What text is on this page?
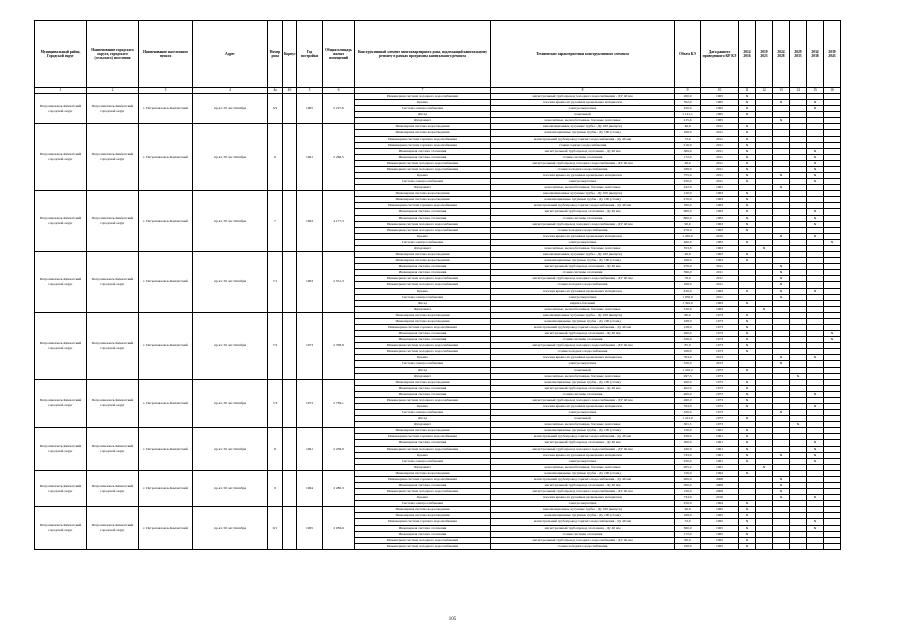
Муниципальный район, Городской округ	Наименование городского округа, городского (сельского) поселения	Наименование населенного пункта	Адрес	Номер дома	Корпус	Год постройки	Общая площадь жилых помещений	Конструктивный элемент многоквартирного дома, подлежащий капитальному ремонту в рамках программы капитального ремонта	Технические характеристики конструктивного элемента	Объем КЭ	Дата раннего проведенного КР КЭ	2014 2016	2019 2023	2024 2028	2029 2033	2034 2038	2039 2043
1	2	3	4	4а	4б	5	6	7	8	9	10	11	12	13	14	15	16
Петропавловск-Камчатский городской округ	Петропавловск-Камчатский городской округ	г. Петропавловск-Камчатский	пр-кт. 50 лет Октября	3/2		1965	2 197,6	Инженерная система холодного водоснабжения	магистральный трубопровод холодного водоснабжения - ДУ 40 мм	200,0	1965	X					
								Крыша	плоская крыша из рулонных кровельных материалов	762,0	1965	X		X		X	
								Система электроснабжения	электроэнергетика	250,0	1965	X				X	
								Фасад	панельный	1 121,1	1965	X					
								Фундамент	монолитные, железобетонные, блочные ленточные	215,6	1965			X			
Петропавловск-Камчатский городской округ	Петропавловск-Камчатский городской округ	г. Петропавловск-Камчатский	пр-кт. 50 лет Октября	6		1961	2 268,5	Инженерная система водоотведения	канализационные чугунные трубы - Ду 100 (выпуск)	46,8	2011	X					
								Инженерная система водоотведения	канализационные чугунные трубы - Ду 100 (стояк)	168,0	2011	X					
								Инженерная система горячего водоснабжения	магистральный трубопровод горячего водоснабжения - Ду 40 мм	72,0	2011	X					
								Инженерная система горячего водоснабжения	стояки горячего водоснабжения	216,0	2011	X					
								Инженерная система отопления	магистральный трубопровод отопления - Ду 40 мм	369,0	2011	X				X	
								Инженерная система отопления	стояки системы отопления	172,0	2011	X				X	
								Инженерная система холодного водоснабжения	магистральный трубопровод холодного водоснабжения - ДУ 40 мм	48,0	2011	X				X	
								Инженерная система холодного водоснабжения	стояки холодного водоснабжения	168,0	2011	X				X	
								Крыша	плоская крыша из рулонных кровельных материалов	755,0	2011	X		X		X	
								Система электроснабжения	электроэнергетика	250,0	2011	X				X	
								Фундамент	монолитные, железобетонные, блочные ленточные	222,0	1961			X			
Петропавловск-Камчатский городской округ	Петропавловск-Камчатский городской округ	г. Петропавловск-Камчатский	пр-кт. 50 лет Октября	7		1963	4 177,3	Инженерная система водоотведения	канализационные чугунные трубы - Ду 100 (выпуск)	120,0	1963	X					
								Инженерная система водоотведения	канализационные чугунные трубы - Ду 100 (стояк)	270,0	1963	X					
								Инженерная система горячего водоснабжения	магистральный трубопровод горячего водоснабжения - Ду 40 мм	180,0	1963	X					
								Инженерная система отопления	магистральный трубопровод отопления - Ду 40 мм	900,0	1963	X				X	
								Инженерная система отопления	стояки системы отопления	800,0	1963	X				X	
								Инженерная система холодного водоснабжения	магистральный трубопровод холодного водоснабжения - ДУ 40 мм	90,0	1963	X				X	
								Инженерная система холодного водоснабжения	стояки холодного водоснабжения	270,0	1963	X					
								Крыша	плоская крыша из рулонных кровельных материалов	1 435,0	2010			X		X	
								Система электроснабжения	электроэнергетика	460,0	1963	X					X
								Фундамент	монолитные, железобетонные, блочные ленточные	353,8	1963		X				
Петропавловск-Камчатский городской округ	Петропавловск-Камчатский городской округ	г. Петропавловск-Камчатский	пр-кт. 50 лет Октября	7/1		1963	2 551,3	Инженерная система водоотведения	канализационные чугунные трубы - Ду 100 (выпуск)	46,8	1963	X					
								Инженерная система водоотведения	канализационные чугунные трубы - Ду 100 (стояк)	168,0	1963	X					
								Инженерная система отопления	магистральный трубопровод отопления - Ду 40 мм	276,0	2011			X			
								Инженерная система отопления	стояки системы отопления	396,0	2011			X			
								Инженерная система холодного водоснабжения	магистральный трубопровод холодного водоснабжения - ДУ 40 мм	78,0	2011			X			
								Инженерная система холодного водоснабжения	стояки холодного водоснабжения	168,0	2011			X			
								Крыша	плоская крыша из рулонных кровельных материалов	810,0	1963	X		X		X	
								Система электроснабжения	электроэнергетика	1 950,0	2011			X			
								Фасад	кирпич-блочный	1 392,0	1963	X					
								Фундамент	монолитные, железобетонные, блочные ленточные	310,0	1963		X				
Петропавловск-Камчатский городской округ	Петропавловск-Камчатский городской округ	г. Петропавловск-Камчатский	пр-кт. 50 лет Октября	7/2		1973	2 708,8	Инженерная система водоотведения	канализационные чугунные трубы - Ду 100 (выпуск)	80,0	1973	X					
								Инженерная система водоотведения	канализационные чугунные трубы - Ду 100 (стояк)	168,0	1973	X					
								Инженерная система горячего водоснабжения	магистральный трубопровод горячего водоснабжения - Ду 40 мм	128,0	1973	X					
								Инженерная система отопления	магистральный трубопровод отопления - Ду 40 мм	260,0	1973	X					X
								Инженерная система отопления	стояки системы отопления	320,0	1973	X					X
								Инженерная система холодного водоснабжения	магистральный трубопровод холодного водоснабжения - ДУ 40 мм	85,0	1973	X					
								Инженерная система холодного водоснабжения	стояки холодного водоснабжения	168,0	1973	X					
								Крыша	плоская крыша из рулонных кровельных материалов	764,0	2013			X		X	
								Система электроснабжения	электроэнергетика	320,0	2013			X			
								Фасад	панельный	1 410,2	1973	X					
								Фундамент	монолитные, железобетонные, блочные ленточные	297,3	1973				X		
Петропавловск-Камчатский городской округ	Петропавловск-Камчатский городской округ	г. Петропавловск-Камчатский	пр-кт. 50 лет Октября	7/3		1973	2 739,1	Инженерная система водоотведения	канализационные чугунные трубы - Ду 100 (стояк)	200,0	1973	X					
								Инженерная система отопления	магистральный трубопровод отопления - Ду 40 мм	402,0	1973	X					
								Инженерная система отопления	стояки системы отопления	400,0	1973	X				X	
								Инженерная система холодного водоснабжения	магистральный трубопровод холодного водоснабжения - ДУ 40 мм	260,0	1973	X					
								Крыша	плоская крыша из рулонных кровельных материалов	764,0	1973	X				X	
								Система электроснабжения	электроэнергетика	320,0	1973			X			
								Фасад	панельный	1 412,0	1973	X					
								Фундамент	монолитные, железобетонные, блочные ленточные	301,5	1973				X		
Петропавловск-Камчатский городской округ	Петропавловск-Камчатский городской округ	г. Петропавловск-Камчатский	пр-кт. 50 лет Октября	8		1961	2 258,0	Инженерная система водоотведения	канализационные чугунные трубы - Ду 100 (стояк)	156,0	1961	X					
								Инженерная система горячего водоснабжения	магистральный трубопровод горячего водоснабжения - Ду 40 мм	258,0	1961	X					
								Инженерная система отопления	магистральный трубопровод отопления - Ду 40 мм	300,0	1961	X				X	
								Инженерная система холодного водоснабжения	магистральный трубопровод холодного водоснабжения - ДУ 40 мм	160,0	1961	X				X	
								Крыша	плоская крыша из рулонных кровельных материалов	743,0	1961	X		X		X	
								Система электроснабжения	электроэнергетика	250,0	1961	X				X	
								Фундамент	монолитные, железобетонные, блочные ленточные	205,2	1961		X				
Петропавловск-Камчатский городской округ	Петропавловск-Камчатский городской округ	г. Петропавловск-Камчатский	пр-кт. 50 лет Октября	9		1964	2 280,3	Инженерная система водоотведения	канализационные чугунные трубы - Ду 100 (стояк)	156,0	1964	X					
								Инженерная система горячего водоснабжения	магистральный трубопровод горячего водоснабжения - Ду 40 мм	200,0	2008			X			
								Инженерная система отопления	магистральный трубопровод отопления - Ду 40 мм	500,0	2008			X			
								Инженерная система холодного водоснабжения	магистральный трубопровод холодного водоснабжения - ДУ 40 мм	150,0	2008			X			
								Крыша	плоская крыша из рулонных кровельных материалов	734,0	2010			X		X	
								Система электроснабжения	электроэнергетика	250,0	1964	X					
Петропавловск-Камчатский городской округ	Петропавловск-Камчатский городской округ	г. Петропавловск-Камчатский	пр-кт. 50 лет Октября	9/1		1965	2 039,9	Инженерная система водоотведения	канализационные чугунные трубы - Ду 100 (выпуск)	46,8	1965	X					
								Инженерная система водоотведения	канализационные чугунные трубы - Ду 100 (стояк)	168,0	1965	X					
								Инженерная система горячего водоснабжения	магистральный трубопровод горячего водоснабжения - Ду 40 мм	72,0	1965	X				X	
								Инженерная система отопления	магистральный трубопровод отопления - Ду 40 мм	360,0	1965	X				X	
								Инженерная система отопления	стояки системы отопления	172,0	1965	X					
								Инженерная система холодного водоснабжения	магистральный трубопровод холодного водоснабжения - ДУ 40 мм	86,0	1965	X					
								Инженерная система холодного водоснабжения	стояки холодного водоснабжения	168,0	1965	X					
105
